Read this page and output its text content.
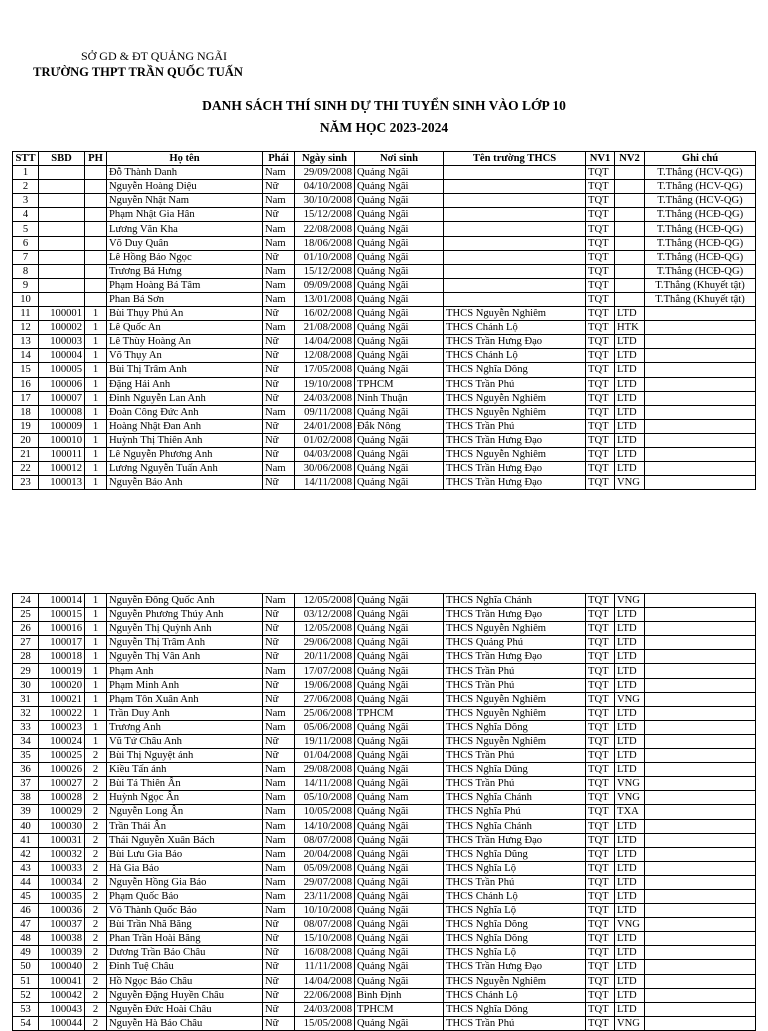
SỞ GD & ĐT QUẢNG NGÃI
TRƯỜNG THPT TRẦN QUỐC TUẤN
DANH SÁCH THÍ SINH DỰ THI TUYỂN SINH VÀO LỚP 10
NĂM HỌC 2023-2024
STT	SBD	PH	Họ tên	Phái	Ngày sinh	Nơi sinh	Tên trường THCS	NV1	NV2	Ghi chú
1			Đỗ Thành Danh	Nam	29/09/2008	Quảng Ngãi		TQT		T.Thẳng (HCV-QG)
2			Nguyễn Hoàng Diệu	Nữ	04/10/2008	Quảng Ngãi		TQT		T.Thẳng (HCV-QG)
3			Nguyễn Nhật Nam	Nam	30/10/2008	Quảng Ngãi		TQT		T.Thẳng (HCV-QG)
4			Phạm Nhật Gia Hân	Nữ	15/12/2008	Quảng Ngãi		TQT		T.Thẳng (HCĐ-QG)
5			Lương Văn Kha	Nam	22/08/2008	Quảng Ngãi		TQT		T.Thẳng (HCĐ-QG)
6			Võ Duy Quân	Nam	18/06/2008	Quảng Ngãi		TQT		T.Thẳng (HCĐ-QG)
7			Lê Hồng Bảo Ngọc	Nữ	01/10/2008	Quảng Ngãi		TQT		T.Thẳng (HCĐ-QG)
8			Trương Bá Hưng	Nam	15/12/2008	Quảng Ngãi		TQT		T.Thẳng (HCĐ-QG)
9			Phạm Hoàng Bá Tâm	Nam	09/09/2008	Quảng Ngãi		TQT		T.Thẳng (Khuyết tật)
10			Phan Bá Sơn	Nam	13/01/2008	Quảng Ngãi		TQT		T.Thẳng (Khuyết tật)
11	100001	1	Bùi Thụy Phú An	Nữ	16/02/2008	Quảng Ngãi	THCS Nguyễn Nghiêm	TQT	LTD	
12	100002	1	Lê Quốc An	Nam	21/08/2008	Quảng Ngãi	THCS Chánh Lộ	TQT	HTK	
13	100003	1	Lê Thùy Hoàng An	Nữ	14/04/2008	Quảng Ngãi	THCS Trần Hưng Đạo	TQT	LTD	
14	100004	1	Võ Thụy An	Nữ	12/08/2008	Quảng Ngãi	THCS Chánh Lộ	TQT	LTD	
15	100005	1	Bùi Thị Trâm Anh	Nữ	17/05/2008	Quảng Ngãi	THCS Nghĩa Dõng	TQT	LTD	
16	100006	1	Đặng Hải Anh	Nữ	19/10/2008	TPHCM	THCS Trần Phú	TQT	LTD	
17	100007	1	Đinh Nguyễn Lan Anh	Nữ	24/03/2008	Ninh Thuận	THCS Nguyễn Nghiêm	TQT	LTD	
18	100008	1	Đoàn Công Đức Anh	Nam	09/11/2008	Quảng Ngãi	THCS Nguyễn Nghiêm	TQT	LTD	
19	100009	1	Hoàng Nhật Đan Anh	Nữ	24/01/2008	Đắk Nông	THCS Trần Phú	TQT	LTD	
20	100010	1	Huỳnh Thị Thiên Anh	Nữ	01/02/2008	Quảng Ngãi	THCS Trần Hưng Đạo	TQT	LTD	
21	100011	1	Lê Nguyễn Phương Anh	Nữ	04/03/2008	Quảng Ngãi	THCS Nguyễn Nghiêm	TQT	LTD	
22	100012	1	Lương Nguyễn Tuấn Anh	Nam	30/06/2008	Quảng Ngãi	THCS Trần Hưng Đạo	TQT	LTD	
23	100013	1	Nguyễn Bảo Anh	Nữ	14/11/2008	Quảng Ngãi	THCS Trần Hưng Đạo	TQT	VNG	
24	100014	1	Nguyễn Đông Quốc Anh	Nam	12/05/2008	Quảng Ngãi	THCS Nghĩa Chánh	TQT	VNG	
25	100015	1	Nguyễn Phương Thúy Anh	Nữ	03/12/2008	Quảng Ngãi	THCS Trần Hưng Đạo	TQT	LTD	
26	100016	1	Nguyễn Thị Quỳnh Anh	Nữ	12/05/2008	Quảng Ngãi	THCS Nguyễn Nghiêm	TQT	LTD	
27	100017	1	Nguyễn Thị Trâm Anh	Nữ	29/06/2008	Quảng Ngãi	THCS Quảng Phú	TQT	LTD	
28	100018	1	Nguyễn Thị Vân Anh	Nữ	20/11/2008	Quảng Ngãi	THCS Trần Hưng Đạo	TQT	LTD	
29	100019	1	Phạm Anh	Nam	17/07/2008	Quảng Ngãi	THCS Trần Phú	TQT	LTD	
30	100020	1	Phạm Minh Anh	Nữ	19/06/2008	Quảng Ngãi	THCS Trần Phú	TQT	LTD	
31	100021	1	Phạm Tôn Xuân Anh	Nữ	27/06/2008	Quảng Ngãi	THCS Nguyễn Nghiêm	TQT	VNG	
32	100022	1	Trần Duy Anh	Nam	25/06/2008	TPHCM	THCS Nguyễn Nghiêm	TQT	LTD	
33	100023	1	Trương Anh	Nam	05/06/2008	Quảng Ngãi	THCS Nghĩa Dõng	TQT	LTD	
34	100024	1	Vũ Tứ Châu Anh	Nữ	19/11/2008	Quảng Ngãi	THCS Nguyễn Nghiêm	TQT	LTD	
35	100025	2	Bùi Thị Nguyệt ánh	Nữ	01/04/2008	Quảng Ngãi	THCS Trần Phú	TQT	LTD	
36	100026	2	Kiều Tấn ánh	Nam	29/08/2008	Quảng Ngãi	THCS Nghĩa Dũng	TQT	LTD	
37	100027	2	Bùi Tá Thiên Ân	Nam	14/11/2008	Quảng Ngãi	THCS Trần Phú	TQT	VNG	
38	100028	2	Huỳnh Ngọc Ân	Nam	05/10/2008	Quảng Nam	THCS Nghĩa Chánh	TQT	VNG	
39	100029	2	Nguyễn Long Ân	Nam	10/05/2008	Quảng Ngãi	THCS Nghĩa Phú	TQT	TXA	
40	100030	2	Trần Thái Ân	Nam	14/10/2008	Quảng Ngãi	THCS Nghĩa Chánh	TQT	LTD	
41	100031	2	Thái Nguyễn Xuân Bách	Nam	08/07/2008	Quảng Ngãi	THCS Trần Hưng Đạo	TQT	LTD	
42	100032	2	Bùi Lưu Gia Bảo	Nam	20/04/2008	Quảng Ngãi	THCS Nghĩa Dũng	TQT	LTD	
43	100033	2	Hà Gia Bảo	Nam	05/09/2008	Quảng Ngãi	THCS Nghĩa Lộ	TQT	LTD	
44	100034	2	Nguyễn Hồng Gia Bảo	Nam	29/07/2008	Quảng Ngãi	THCS Trần Phú	TQT	LTD	
45	100035	2	Phạm Quốc Bảo	Nam	23/11/2008	Quảng Ngãi	THCS Chánh Lộ	TQT	LTD	
46	100036	2	Võ Thành Quốc Bảo	Nam	10/10/2008	Quảng Ngãi	THCS Nghĩa Lộ	TQT	LTD	
47	100037	2	Bùi Trần Nhã Băng	Nữ	08/07/2008	Quảng Ngãi	THCS Nghĩa Dõng	TQT	VNG	
48	100038	2	Phan Trần Hoài Băng	Nữ	15/10/2008	Quảng Ngãi	THCS Nghĩa Dõng	TQT	LTD	
49	100039	2	Dương Trần Bảo Châu	Nữ	16/08/2008	Quảng Ngãi	THCS Nghĩa Lộ	TQT	LTD	
50	100040	2	Đinh Tuệ Châu	Nữ	11/11/2008	Quảng Ngãi	THCS Trần Hưng Đạo	TQT	LTD	
51	100041	2	Hồ Ngọc Bảo Châu	Nữ	14/04/2008	Quảng Ngãi	THCS Nguyễn Nghiêm	TQT	LTD	
52	100042	2	Nguyễn Đặng Huyền Châu	Nữ	22/06/2008	Bình Định	THCS Chánh Lộ	TQT	LTD	
53	100043	2	Nguyễn Đức Hoài Châu	Nữ	24/03/2008	TPHCM	THCS Nghĩa Dõng	TQT	LTD	
54	100044	2	Nguyễn Hà Bảo Châu	Nữ	15/05/2008	Quảng Ngãi	THCS Trần Phú	TQT	VNG	
